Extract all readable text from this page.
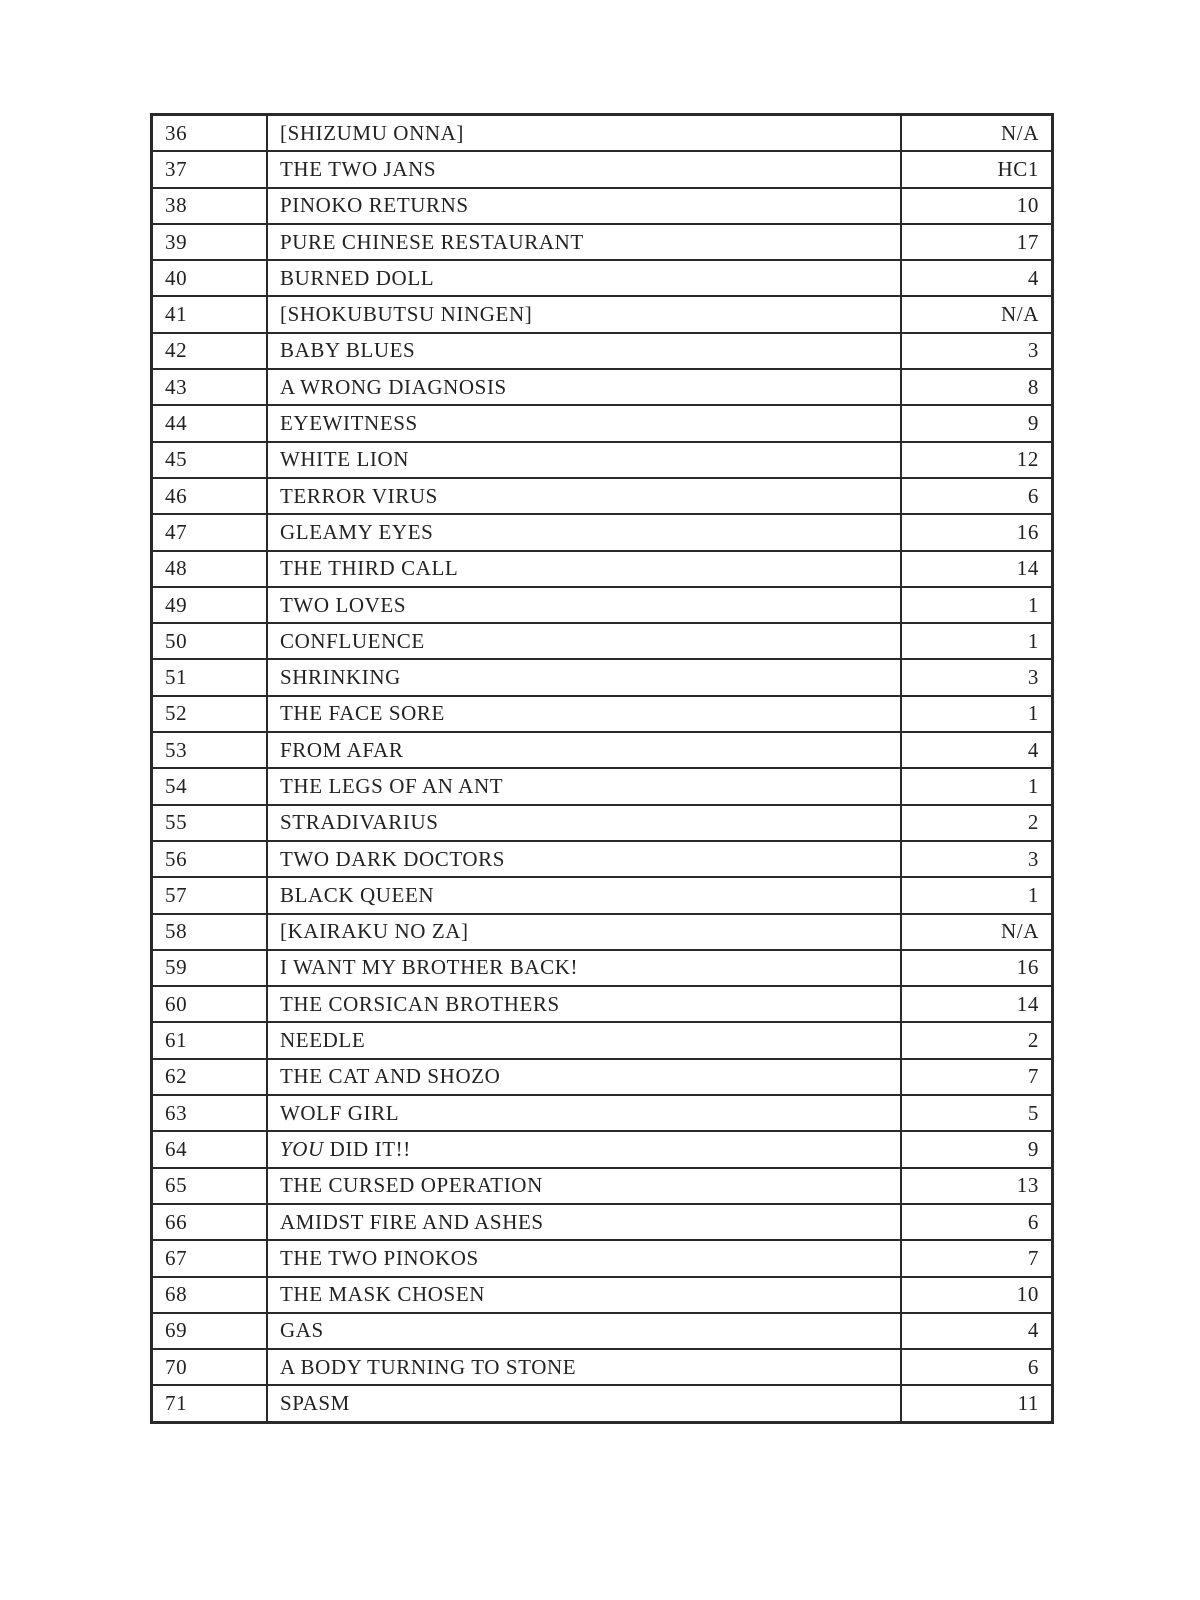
36	[SHIZUMU ONNA]	N/A
37	THE TWO JANS	HC1
38	PINOKO RETURNS	10
39	PURE CHINESE RESTAURANT	17
40	BURNED DOLL	4
41	[SHOKUBUTSU NINGEN]	N/A
42	BABY BLUES	3
43	A WRONG DIAGNOSIS	8
44	EYEWITNESS	9
45	WHITE LION	12
46	TERROR VIRUS	6
47	GLEAMY EYES	16
48	THE THIRD CALL	14
49	TWO LOVES	1
50	CONFLUENCE	1
51	SHRINKING	3
52	THE FACE SORE	1
53	FROM AFAR	4
54	THE LEGS OF AN ANT	1
55	STRADIVARIUS	2
56	TWO DARK DOCTORS	3
57	BLACK QUEEN	1
58	[KAIRAKU NO ZA]	N/A
59	I WANT MY BROTHER BACK!	16
60	THE CORSICAN BROTHERS	14
61	NEEDLE	2
62	THE CAT AND SHOZO	7
63	WOLF GIRL	5
64	YOU DID IT!!	9
65	THE CURSED OPERATION	13
66	AMIDST FIRE AND ASHES	6
67	THE TWO PINOKOS	7
68	THE MASK CHOSEN	10
69	GAS	4
70	A BODY TURNING TO STONE	6
71	SPASM	11
